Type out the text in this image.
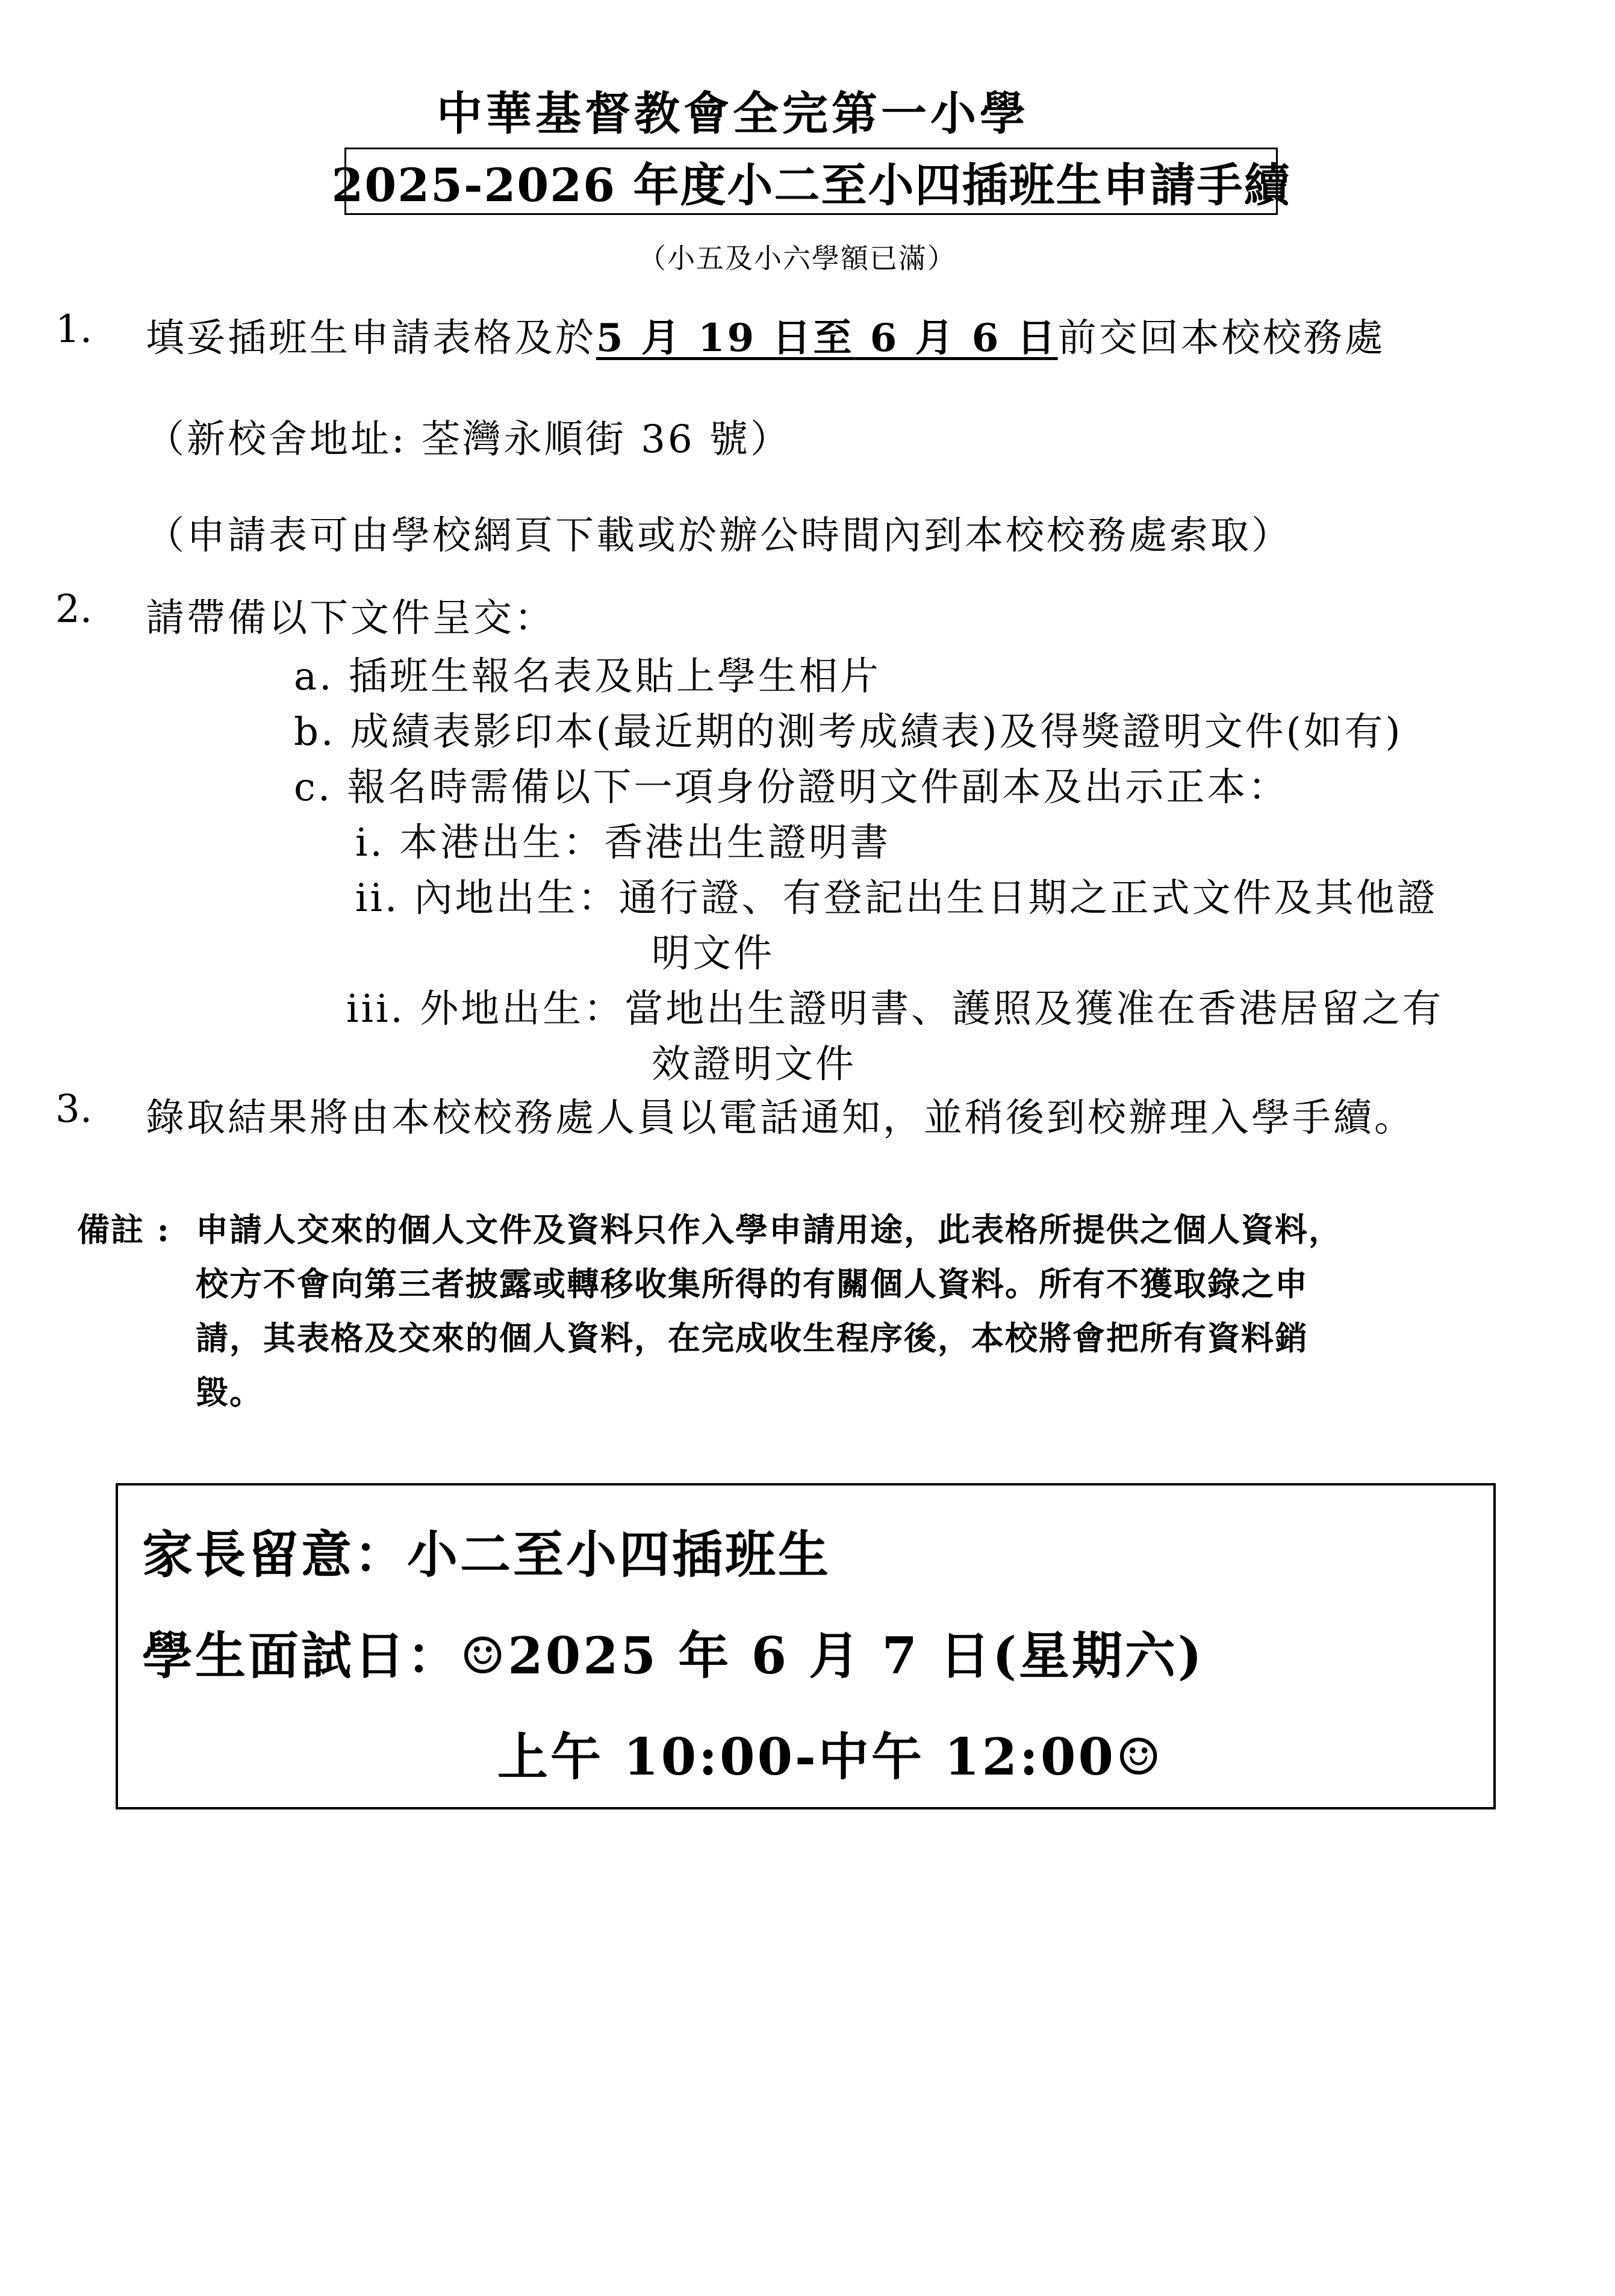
中華基督教會全完第一小學
2025-2026 年度小二至小四插班生申請手續
（小五及小六學額已滿）
1. 填妥插班生申請表格及於5 月 19 日至 6 月 6 日前交回本校校務處
（新校舍地址: 荃灣永順街 36 號）
（申請表可由學校網頁下載或於辦公時間內到本校校務處索取）
2. 請帶備以下文件呈交：
a. 插班生報名表及貼上學生相片
b. 成績表影印本(最近期的測考成績表)及得獎證明文件(如有)
c. 報名時需備以下一項身份證明文件副本及出示正本：
i. 本港出生：香港出生證明書
ii. 內地出生：通行證、有登記出生日期之正式文件及其他證
明文件
iii. 外地出生：當地出生證明書、護照及獲准在香港居留之有
效證明文件
3. 錄取結果將由本校校務處人員以電話通知，並稍後到校辦理入學手續。
備註 : 申請人交來的個人文件及資料只作入學申請用途，此表格所提供之個人資料，
校方不會向第三者披露或轉移收集所得的有關個人資料。所有不獲取錄之申
請，其表格及交來的個人資料，在完成收生程序後，本校將會把所有資料銷
毀。
家長留意：小二至小四插班生
學生面試日：☺2025 年 6 月 7 日(星期六)
上午 10:00-中午 12:00☺
